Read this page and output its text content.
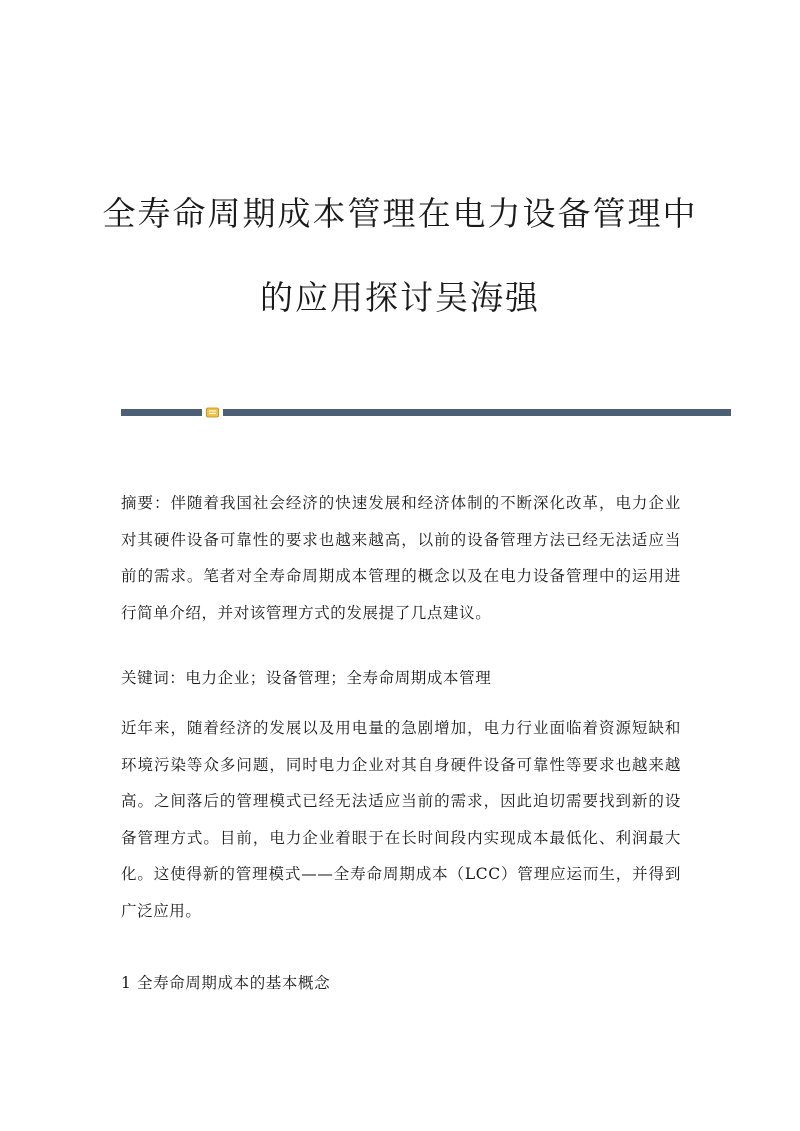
全寿命周期成本管理在电力设备管理中
的应用探讨吴海强
摘要：伴随着我国社会经济的快速发展和经济体制的不断深化改革，电力企业对其硬件设备可靠性的要求也越来越高，以前的设备管理方法已经无法适应当前的需求。笔者对全寿命周期成本管理的概念以及在电力设备管理中的运用进行简单介绍，并对该管理方式的发展提了几点建议。
关键词：电力企业；设备管理；全寿命周期成本管理
近年来，随着经济的发展以及用电量的急剧增加，电力行业面临着资源短缺和环境污染等众多问题，同时电力企业对其自身硬件设备可靠性等要求也越来越高。之间落后的管理模式已经无法适应当前的需求，因此迫切需要找到新的设备管理方式。目前，电力企业着眼于在长时间段内实现成本最低化、利润最大化。这使得新的管理模式——全寿命周期成本（LCC）管理应运而生，并得到广泛应用。
1 全寿命周期成本的基本概念
